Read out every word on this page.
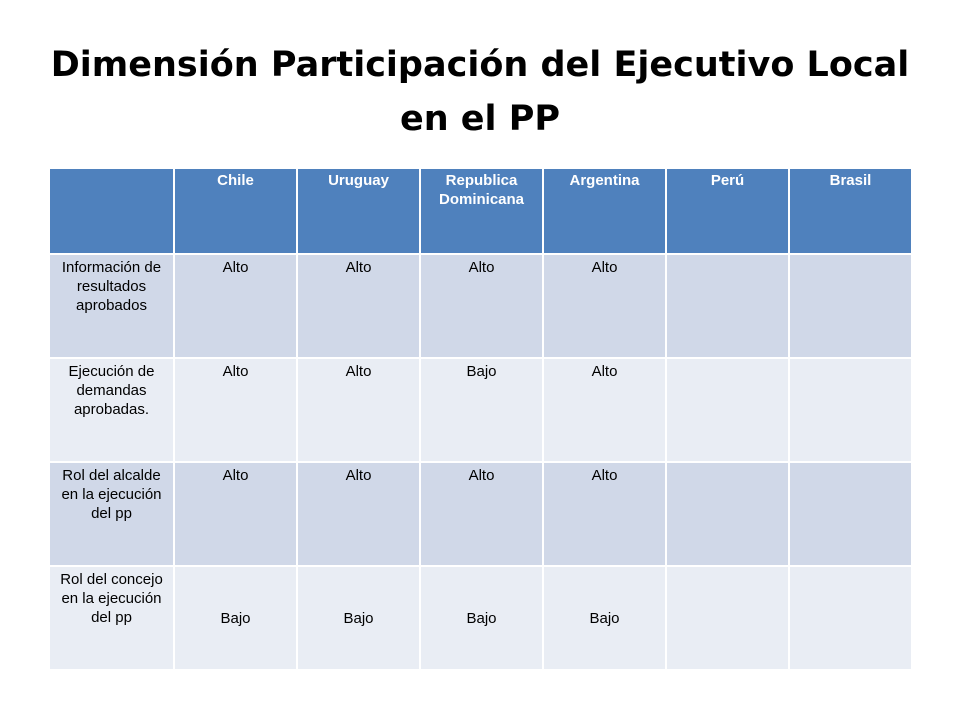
Dimensión Participación del Ejecutivo Local en el PP
	Chile	Uruguay	Republica Dominicana	Argentina	Perú	Brasil
Información de resultados aprobados	Alto	Alto	Alto	Alto		
Ejecución de demandas aprobadas.	Alto	Alto	Bajo	Alto		
Rol del alcalde en la ejecución del pp	Alto	Alto	Alto	Alto		
Rol del concejo en la ejecución del pp	Bajo	Bajo	Bajo	Bajo		
